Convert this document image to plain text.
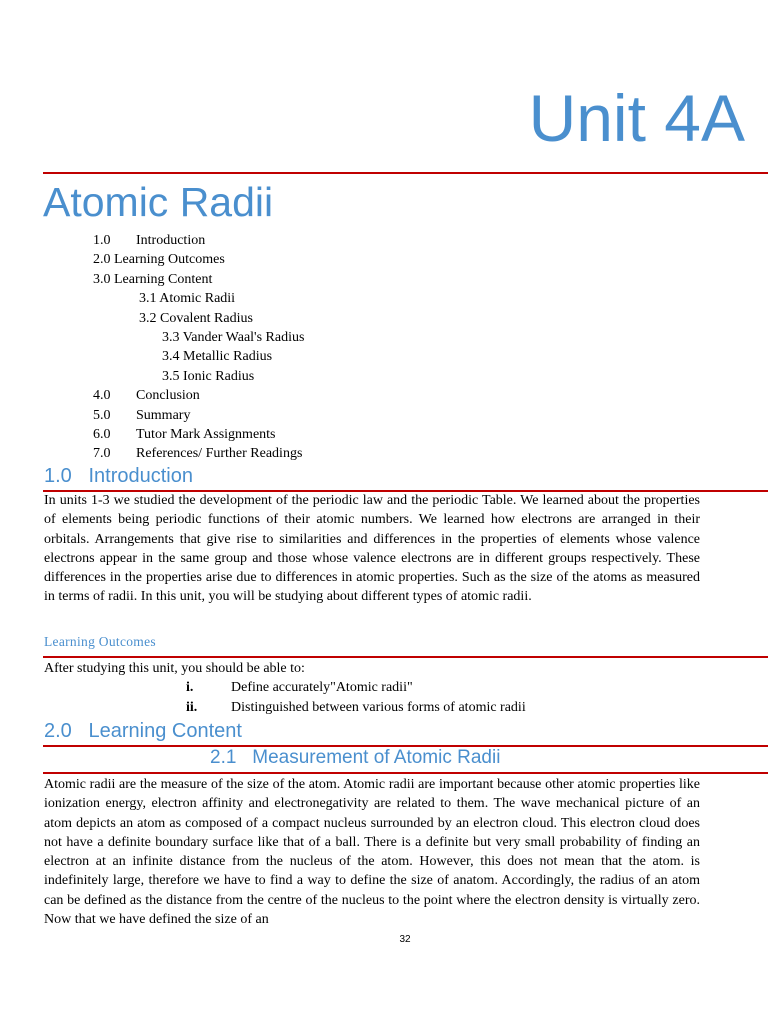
Unit 4A
Atomic Radii
1.0 Introduction
2.0 Learning Outcomes
3.0 Learning Content
3.1 Atomic Radii
3.2 Covalent Radius
3.3 Vander Waal's Radius
3.4 Metallic Radius
3.5 Ionic Radius
4.0 Conclusion
5.0 Summary
6.0 Tutor Mark Assignments
7.0 References/ Further Readings
1.0 Introduction
In units 1-3 we studied the development of the periodic law and the periodic Table. We learned about the properties of elements being periodic functions of their atomic numbers. We learned how electrons are arranged in their orbitals. Arrangements that give rise to similarities and differences in the properties of elements whose valence electrons appear in the same group and those whose valence electrons are in different groups respectively. These differences in the properties arise due to differences in atomic properties. Such as the size of the atoms as measured in terms of radii. In this unit, you will be studying about different types of atomic radii.
Learning Outcomes
After studying this unit, you should be able to:
i.	Define accurately"Atomic radii"
ii. Distinguished between various forms of atomic radii
2.0 Learning Content
2.1 Measurement of Atomic Radii
Atomic radii are the measure of the size of the atom. Atomic radii are important because other atomic properties like ionization energy, electron affinity and electronegativity are related to them. The wave mechanical picture of an atom depicts an atom as composed of a compact nucleus surrounded by an electron cloud. This electron cloud does not have a definite boundary surface like that of a ball. There is a definite but very small probability of finding an electron at an infinite distance from the nucleus of the atom. However, this does not mean that the atom. is indefinitely large, therefore we have to find a way to define the size of anatom. Accordingly, the radius of an atom can be defined as the distance from the centre of the nucleus to the point where the electron density is virtually zero. Now that we have defined the size of an
32
